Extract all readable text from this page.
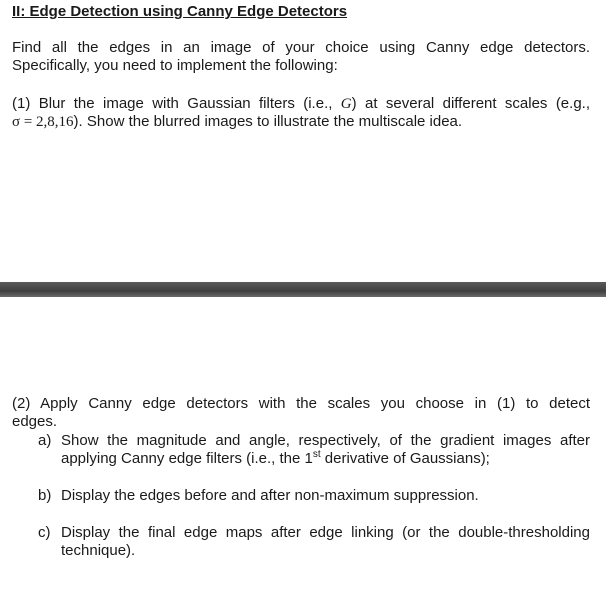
II: Edge Detection using Canny Edge Detectors
Find all the edges in an image of your choice using Canny edge detectors.
Specifically, you need to implement the following:
(1) Blur the image with Gaussian filters (i.e., G) at several different scales (e.g.,
σ = 2,8,16). Show the blurred images to illustrate the multiscale idea.
(2) Apply Canny edge detectors with the scales you choose in (1) to detect
edges.
a) Show the magnitude and angle, respectively, of the gradient images after
applying Canny edge filters (i.e., the 1st derivative of Gaussians);
b) Display the edges before and after non-maximum suppression.
c) Display the final edge maps after edge linking (or the double-thresholding
technique).
